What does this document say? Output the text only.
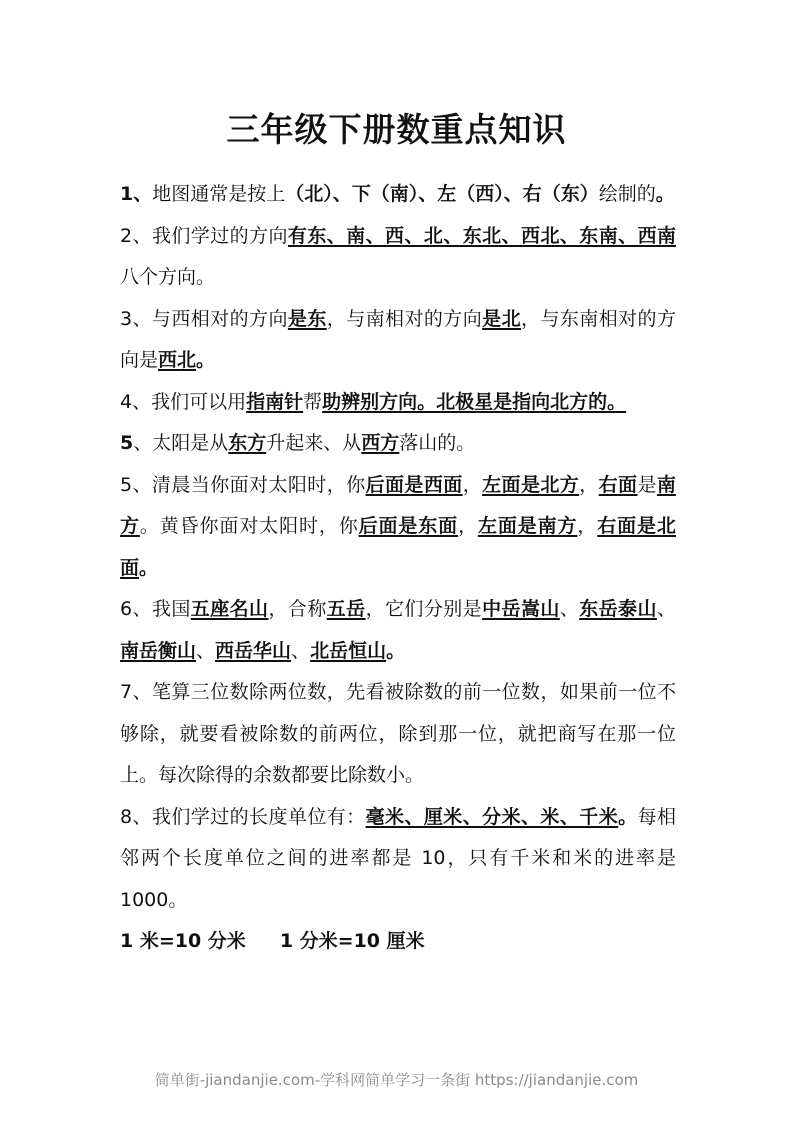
三年级下册数重点知识

1、地图通常是按上（北）、下（南）、左（西）、右（东）绘制的。

2、我们学过的方向有东、南、西、北、东北、西北、东南、西南八个方向。

3、与西相对的方向是东，与南相对的方向是北，与东南相对的方向是西北。

4、我们可以用指南针帮助辨别方向。北极星是指向北方的。

5、太阳是从东方升起来、从西方落山的。

5、清晨当你面对太阳时，你后面是西面，左面是北方，右面是南方。黄昏你面对太阳时，你后面是东面，左面是南方，右面是北面。

6、我国五座名山，合称五岳，它们分别是中岳嵩山、东岳泰山、南岳衡山、西岳华山、北岳恒山。

7、笔算三位数除两位数，先看被除数的前一位数，如果前一位不够除，就要看被除数的前两位，除到那一位，就把商写在那一位上。每次除得的余数都要比除数小。

8、我们学过的长度单位有：毫米、厘米、分米、米、千米。每相邻两个长度单位之间的进率都是 10，只有千米和米的进率是 1000。

1 米=10 分米 1 分米=10 厘米

简单街-jiandanjie.com-学科网简单学习一条街 https://jiandanjie.com
